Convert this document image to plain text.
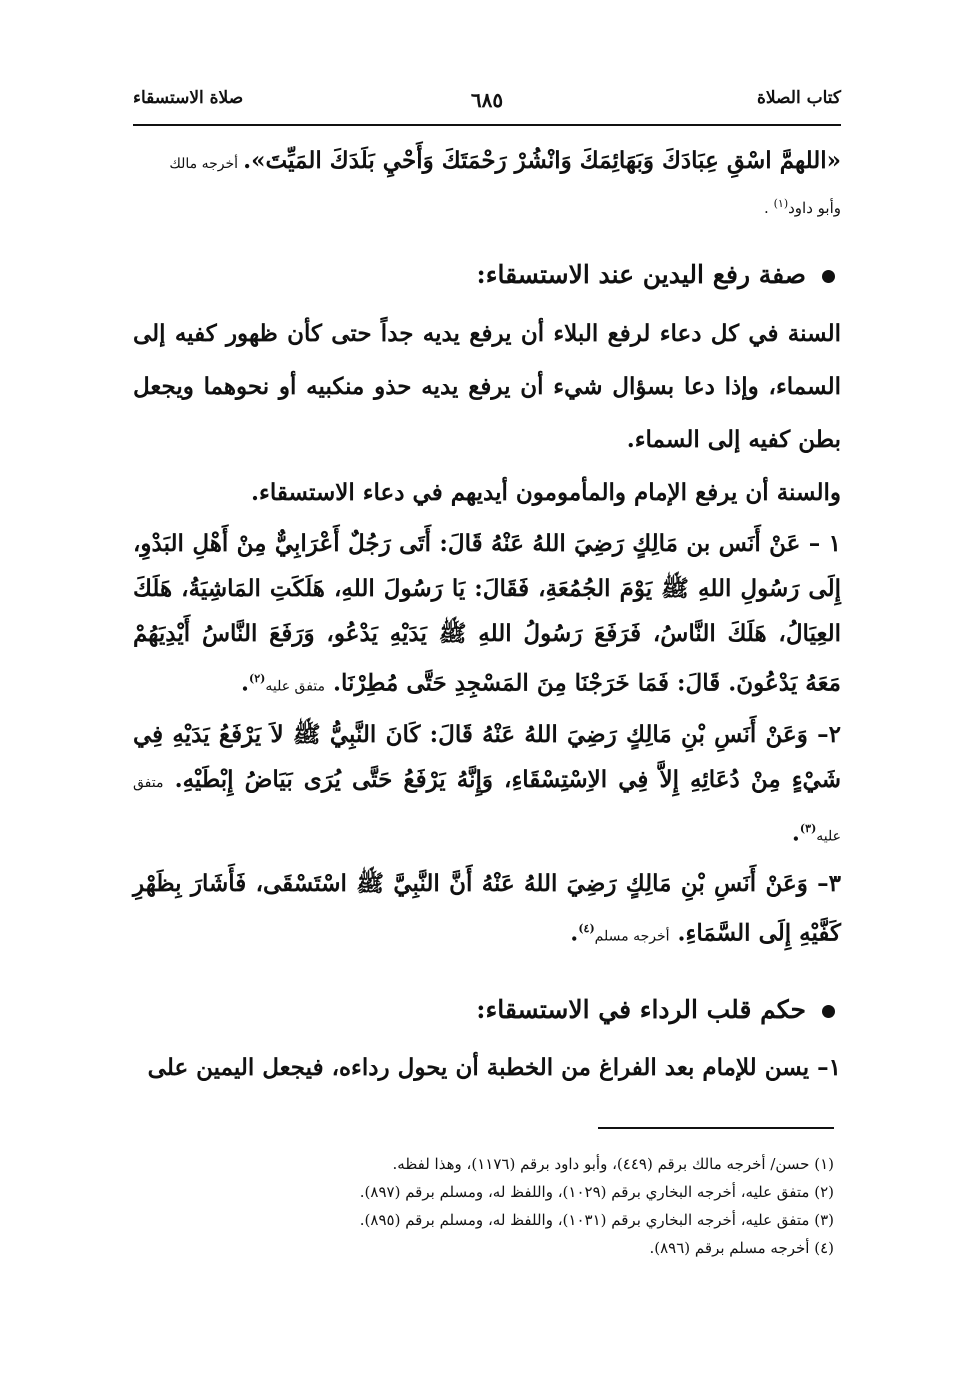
كتاب الصلاة
٦٨٥
صلاة الاستسقاء
«اللهمَّ اسْقِ عِبَادَكَ وَبَهَائِمَكَ وَانْشُرْ رَحْمَتَكَ وَأَحْيِ بَلَدَكَ المَيِّتَ». أخرجه مالك
وأبو داود$^{(١)}$ .
صفة رفع اليدين عند الاستسقاء:
السنة في كل دعاء لرفع البلاء أن يرفع يديه جداً حتى كأن ظهور كفيه إلى السماء، وإذا دعا بسؤال شيء أن يرفع يديه حذو منكبيه أو نحوهما ويجعل بطن كفيه إلى السماء.
والسنة أن يرفع الإمام والمأمومون أيديهم في دعاء الاستسقاء.
١ – عَنْ أَنَس بن مَالِكٍ رَضِيَ اللهُ عَنْهُ قَالَ: أَتَى رَجُلٌ أَعْرَابِيٌّ مِنْ أَهْلِ البَدْوِ، إِلَى رَسُولِ اللهِ ﷺ يَوْمَ الجُمُعَةِ، فَقَالَ: يَا رَسُولَ اللهِ، هَلَكَتِ المَاشِيَةُ، هَلَكَ العِيَالُ، هَلَكَ النَّاسُ، فَرَفَعَ رَسُولُ اللهِ ﷺ يَدَيْهِ يَدْعُو، وَرَفَعَ النَّاسُ أَيْدِيَهُمْ مَعَهُ يَدْعُونَ. قَالَ: فَمَا خَرَجْنَا مِنَ المَسْجِدِ حَتَّى مُطِرْنَا. متفق عليه$^{(٢)}$.
٢– وَعَنْ أَنَسِ بْنِ مَالِكٍ رَضِيَ اللهُ عَنْهُ قَالَ: كَانَ النَّبِيُّ ﷺ لاَ يَرْفَعُ يَدَيْهِ فِي شَيْءٍ مِنْ دُعَائِهِ إِلاَّ فِي الاِسْتِسْقَاءِ، وَإِنَّهُ يَرْفَعُ حَتَّى يُرَى بَيَاضُ إِبْطَيْهِ. متفق عليه$^{(٣)}$.
٣– وَعَنْ أَنَسِ بْنِ مَالِكٍ رَضِيَ اللهُ عَنْهُ أَنَّ النَّبِيَّ ﷺ اسْتَسْقَى، فَأَشَارَ بِظَهْرِ كَفَّيْهِ إِلَى السَّمَاءِ. أخرجه مسلم$^{(٤)}$.
حكم قلب الرداء في الاستسقاء:
١– يسن للإمام بعد الفراغ من الخطبة أن يحول رداءه، فيجعل اليمين على
(١) حسن/ أخرجه مالك برقم (٤٤٩)، وأبو داود برقم (١١٧٦)، وهذا لفظه.
(٢) متفق عليه، أخرجه البخاري برقم (١٠٢٩)، واللفظ له، ومسلم برقم (٨٩٧).
(٣) متفق عليه، أخرجه البخاري برقم (١٠٣١)، واللفظ له، ومسلم برقم (٨٩٥).
(٤) أخرجه مسلم برقم (٨٩٦).
